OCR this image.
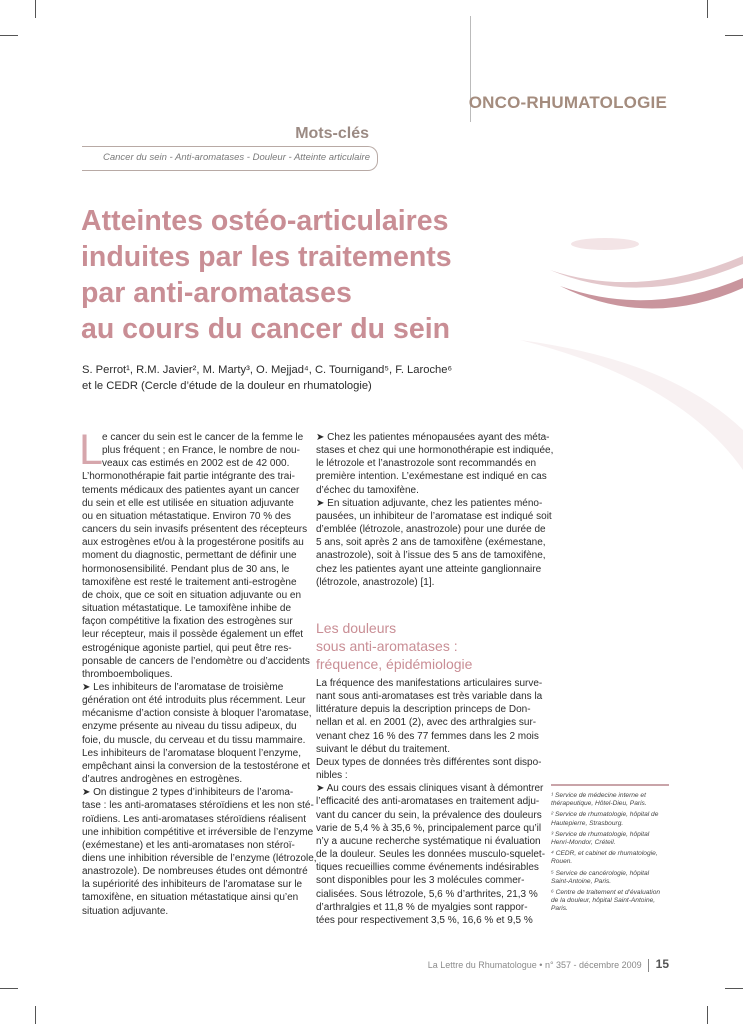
ONCO-RHUMATOLOGIE
Mots-clés
Cancer du sein - Anti-aromatases - Douleur - Atteinte articulaire
Atteintes ostéo-articulaires
induites par les traitements
par anti-aromatases
au cours du cancer du sein
S. Perrot¹, R.M. Javier², M. Marty³, O. Mejjad⁴, C. Tournigand⁵, F. Laroche⁶
et le CEDR (Cercle d’étude de la douleur en rhumatologie)
L e cancer du sein est le cancer de la femme le
plus fréquent ; en France, le nombre de nou-
veaux cas estimés en 2002 est de 42 000.
L’hormonothérapie fait partie intégrante des trai-
tements médicaux des patientes ayant un cancer
du sein et elle est utilisée en situation adjuvante
ou en situation métastatique. Environ 70 % des
cancers du sein invasifs présentent des récepteurs
aux estrogènes et/ou à la progestérone positifs au
moment du diagnostic, permettant de définir une
hormonosensibilité. Pendant plus de 30 ans, le
tamoxifène est resté le traitement anti-estrogène
de choix, que ce soit en situation adjuvante ou en
situation métastatique. Le tamoxifène inhibe de
façon compétitive la fixation des estrogènes sur
leur récepteur, mais il possède également un effet
estrogénique agoniste partiel, qui peut être res-
ponsable de cancers de l’endomètre ou d’accidents
thromboemboliques.
➤ Les inhibiteurs de l’aromatase de troisième
génération ont été introduits plus récemment. Leur
mécanisme d’action consiste à bloquer l’aromatase,
enzyme présente au niveau du tissu adipeux, du
foie, du muscle, du cerveau et du tissu mammaire.
Les inhibiteurs de l’aromatase bloquent l’enzyme,
empêchant ainsi la conversion de la testostérone et
d’autres androgènes en estrogènes.
➤ On distingue 2 types d’inhibiteurs de l’aroma-
tase : les anti-aromatases stéroïdiens et les non sté-
roïdiens. Les anti-aromatases stéroïdiens réalisent
une inhibition compétitive et irréversible de l’enzyme
(exémestane) et les anti-aromatases non stéroï-
diens une inhibition réversible de l’enzyme (létrozole,
anastrozole). De nombreuses études ont démontré
la supériorité des inhibiteurs de l’aromatase sur le
tamoxifène, en situation métastatique ainsi qu’en
situation adjuvante.
➤ Chez les patientes ménopausées ayant des méta-
stases et chez qui une hormonothérapie est indiquée,
le létrozole et l’anastrozole sont recommandés en
première intention. L’exémestane est indiqué en cas
d’échec du tamoxifène.
➤ En situation adjuvante, chez les patientes méno-
pausées, un inhibiteur de l’aromatase est indiqué soit
d’emblée (létrozole, anastrozole) pour une durée de
5 ans, soit après 2 ans de tamoxifène (exémestane,
anastrozole), soit à l’issue des 5 ans de tamoxifène,
chez les patientes ayant une atteinte ganglionnaire
(létrozole, anastrozole) [1].
Les douleurs
sous anti-aromatases :
fréquence, épidémiologie
La fréquence des manifestations articulaires surve-
nant sous anti-aromatases est très variable dans la
littérature depuis la description princeps de Don-
nellan et al. en 2001 (2), avec des arthralgies sur-
venant chez 16 % des 77 femmes dans les 2 mois
suivant le début du traitement.
Deux types de données très différentes sont dispo-
nibles :
➤ Au cours des essais cliniques visant à démontrer
l’efficacité des anti-aromatases en traitement adju-
vant du cancer du sein, la prévalence des douleurs
varie de 5,4 % à 35,6 %, principalement parce qu’il
n’y a aucune recherche systématique ni évaluation
de la douleur. Seules les données musculo-squelet-
tiques recueillies comme événements indésirables
sont disponibles pour les 3 molécules commer-
cialisées. Sous létrozole, 5,6 % d’arthrites, 21,3 %
d’arthralgies et 11,8 % de myalgies sont rappor-
tées pour respectivement 3,5 %, 16,6 % et 9,5 %
¹ Service de médecine interne et
thérapeutique, Hôtel-Dieu, Paris.
² Service de rhumatologie, hôpital de
Hautepierre, Strasbourg.
³ Service de rhumatologie, hôpital
Henri-Mondor, Créteil.
⁴ CEDR, et cabinet de rhumatologie,
Rouen.
⁵ Service de cancérologie, hôpital
Saint-Antoine, Paris.
⁶ Centre de traitement et d’évaluation
de la douleur, hôpital Saint-Antoine,
Paris.
La Lettre du Rhumatologue • n° 357 - décembre 2009 15
